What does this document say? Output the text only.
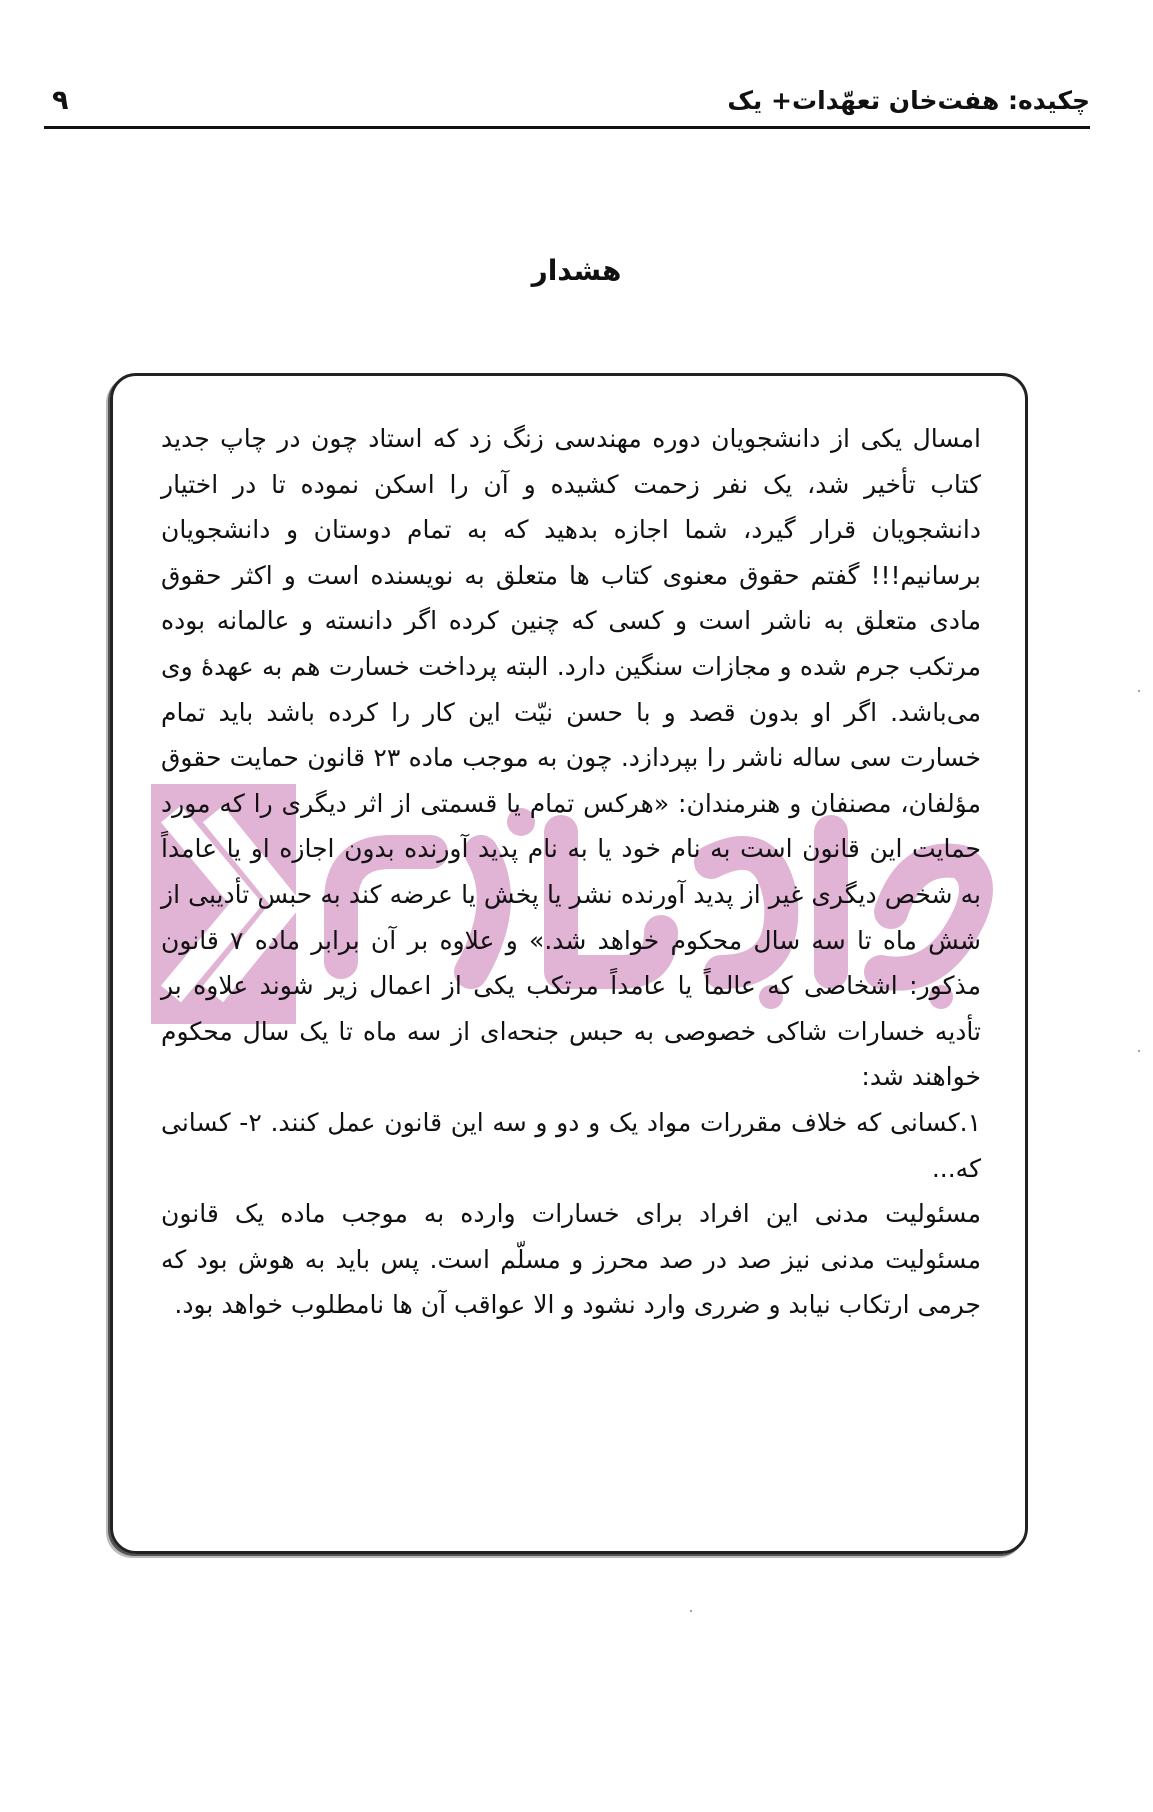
چکیده: هفت‌خان تعهّدات+ یک
۹
هشدار

امسال یکی از دانشجویان دوره مهندسی زنگ زد که استاد چون در چاپ جدید کتاب تأخیر شد، یک نفر زحمت کشیده و آن را اسکن نموده تا در اختیار دانشجویان قرار گیرد، شما اجازه بدهید که به تمام دوستان و دانشجویان برسانیم!!! گفتم حقوق معنوی کتاب ها متعلق به نویسنده است و اکثر حقوق مادی متعلق به ناشر است و کسی که چنین کرده اگر دانسته و عالمانه بوده مرتکب جرم شده و مجازات سنگین دارد. البته پرداخت خسارت هم به عهدهٔ وی می‌باشد. اگر او بدون قصد و با حسن نیّت این کار را کرده باشد باید تمام خسارت سی ساله ناشر را بپردازد. چون به موجب ماده ۲۳ قانون حمایت حقوق مؤلفان، مصنفان و هنرمندان: «هرکس تمام یا قسمتی از اثر دیگری را که مورد حمایت این قانون است به نام خود یا به نام پدید آورنده بدون اجازه او یا عامداً به شخص دیگری غیر از پدید آورنده نشر یا پخش یا عرضه کند به حبس تأدیبی از شش ماه تا سه سال محکوم خواهد شد.» و علاوه بر آن برابر ماده ۷ قانون مذکور: اشخاصی که عالماً یا عامداً مرتکب یکی از اعمال زیر شوند علاوه بر تأدیه خسارات شاکی خصوصی به حبس جنحه‌ای از سه ماه تا یک سال محکوم خواهند شد:

۱.کسانی که خلاف مقررات مواد یک و دو و سه این قانون عمل کنند. ۲- کسانی که...

مسئولیت مدنی این افراد برای خسارات وارده به موجب ماده یک قانون مسئولیت مدنی نیز صد در صد محرز و مسلّم است. پس باید به هوش بود که جرمی ارتکاب نیابد و ضرری وارد نشود و الا عواقب آن ها نامطلوب خواهد بود.
